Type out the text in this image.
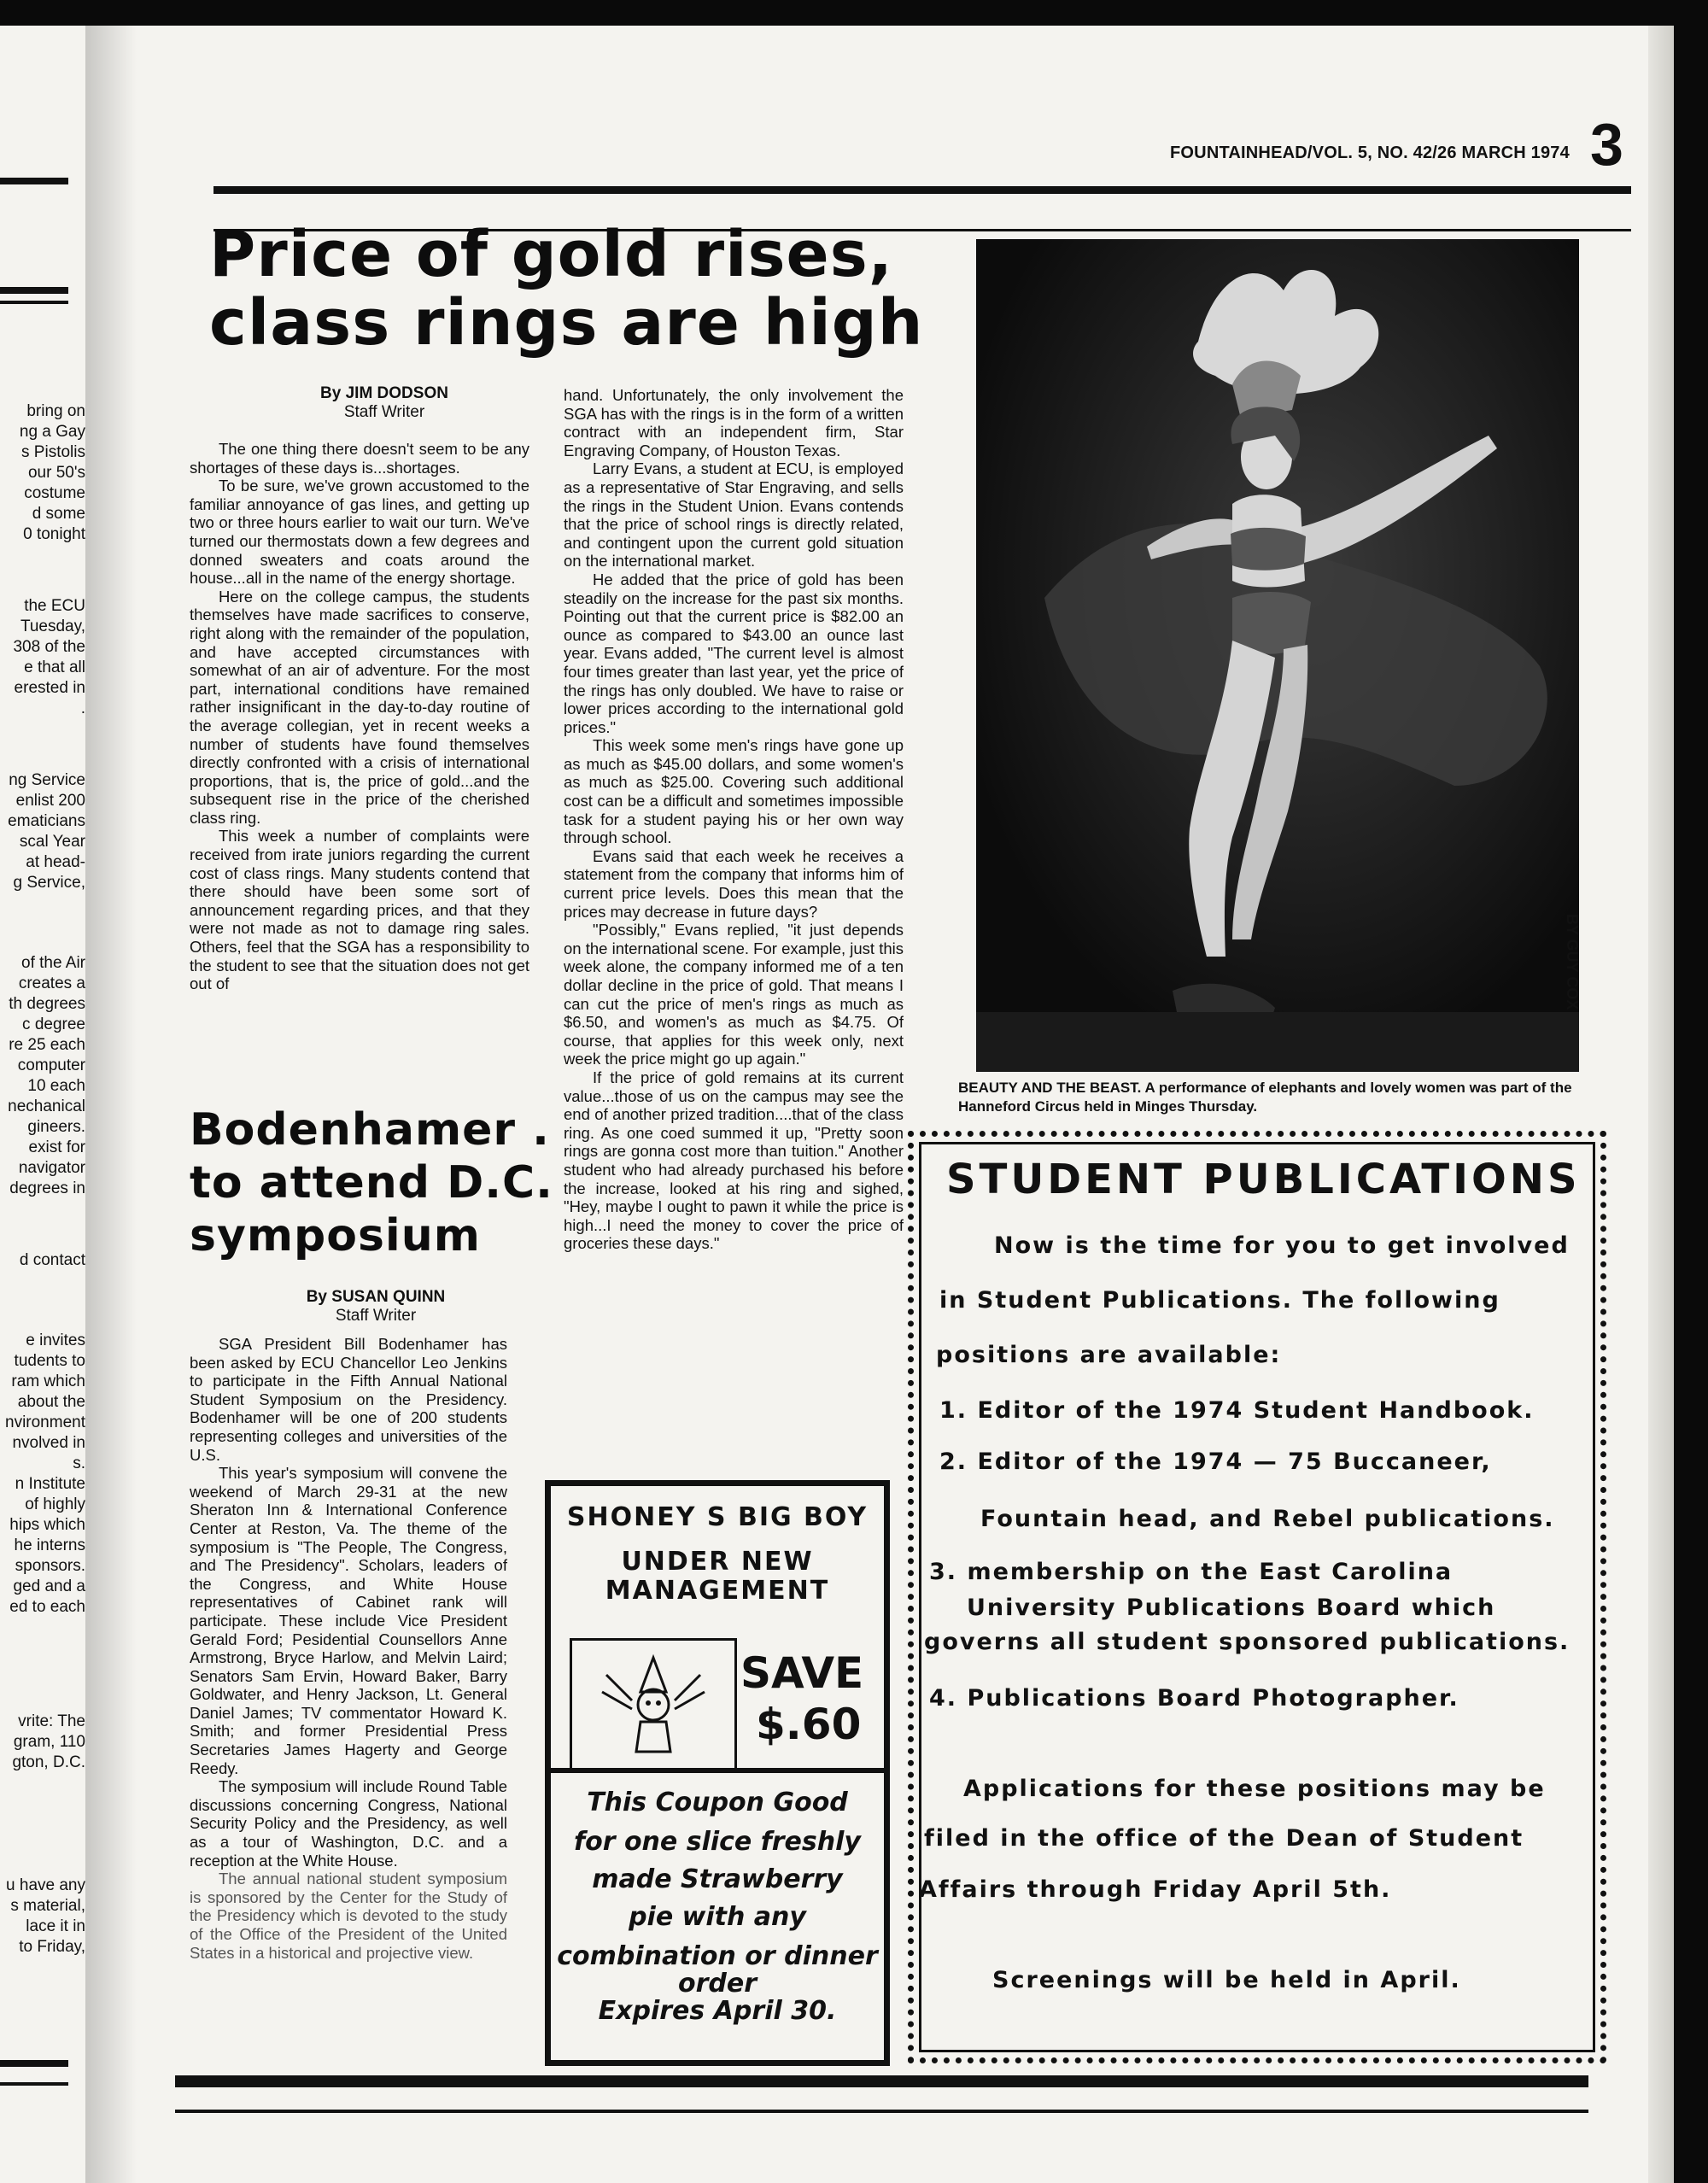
bring on
ng a Gay
s Pistolis
our 50's
costume
d some
0 tonight
the ECU
Tuesday,
308 of the
e that all
erested in
.
ng Service
enlist 200
ematicians
scal Year
at head-
g Service,
of the Air
creates a
th degrees
c degree
re 25 each
computer
10 each
nechanical
gineers.
exist for
navigator
degrees in
d contact
e invites
tudents to
ram which
about the
nvironment
nvolved in
s.
n Institute
of highly
hips which
he interns
sponsors.
ged and a
ed to each
vrite: The
gram, 110
gton, D.C.
u have any
s material,
lace it in
to Friday,
FOUNTAINHEAD/VOL. 5, NO. 42/26 MARCH 1974 3
Price of gold rises,
class rings are high
By JIM DODSON
Staff Writer

The one thing there doesn't seem to be any shortages of these days is...shortages.

To be sure, we've grown accustomed to the familiar annoyance of gas lines, and getting up two or three hours earlier to wait our turn. We've turned our thermostats down a few degrees and donned sweaters and coats around the house...all in the name of the energy shortage.

Here on the college campus, the students themselves have made sacrifices to conserve, right along with the remainder of the population, and have accepted circumstances with somewhat of an air of adventure. For the most part, international conditions have remained rather insignificant in the day-to-day routine of the average collegian, yet in recent weeks a number of students have found themselves directly confronted with a crisis of international proportions, that is, the price of gold...and the subsequent rise in the price of the cherished class ring.

This week a number of complaints were received from irate juniors regarding the current cost of class rings. Many students contend that there should have been some sort of announcement regarding prices, and that they were not made as not to damage ring sales. Others, feel that the SGA has a responsibility to the student to see that the situation does not get out of

hand. Unfortunately, the only involvement the SGA has with the rings is in the form of a written contract with an independent firm, Star Engraving Company, of Houston Texas.

Larry Evans, a student at ECU, is employed as a representative of Star Engraving, and sells the rings in the Student Union. Evans contends that the price of school rings is directly related, and contingent upon the current gold situation on the international market.

He added that the price of gold has been steadily on the increase for the past six months. Pointing out that the current price is $82.00 an ounce as compared to $43.00 an ounce last year. Evans added, "The current level is almost four times greater than last year, yet the price of the rings has only doubled. We have to raise or lower prices according to the international gold prices."

This week some men's rings have gone up as much as $45.00 dollars, and some women's as much as $25.00. Covering such additional cost can be a difficult and sometimes impossible task for a student paying his or her own way through school.

Evans said that each week he receives a statement from the company that informs him of current price levels. Does this mean that the prices may decrease in future days?

"Possibly," Evans replied, "it just depends on the international scene. For example, just this week alone, the company informed me of a ten dollar decline in the price of gold. That means I can cut the price of men's rings as much as $6.50, and women's as much as $4.75. Of course, that applies for this week only, next week the price might go up again."

If the price of gold remains at its current value...those of us on the campus may see the end of another prized tradition....that of the class ring. As one coed summed it up, "Pretty soon rings are gonna cost more than tuition." Another student who had already purchased his before the increase, looked at his ring and sighed, "Hey, maybe I ought to pawn it while the price is high...I need the money to cover the price of groceries these days."

Bodenhamer .
to attend D.C.
symposium
By SUSAN QUINN
Staff Writer

SGA President Bill Bodenhamer has been asked by ECU Chancellor Leo Jenkins to participate in the Fifth Annual National Student Symposium on the Presidency. Bodenhamer will be one of 200 students representing colleges and universities of the U.S.

This year's symposium will convene the weekend of March 29-31 at the new Sheraton Inn & International Conference Center at Reston, Va. The theme of the symposium is "The People, The Congress, and The Presidency". Scholars, leaders of the Congress, and White House representatives of Cabinet rank will participate. These include Vice President Gerald Ford; Pesidential Counsellors Anne Armstrong, Bryce Harlow, and Melvin Laird; Senators Sam Ervin, Howard Baker, Barry Goldwater, and Henry Jackson, Lt. General Daniel James; TV commentator Howard K. Smith; and former Presidential Press Secretaries James Hagerty and George Reedy.

The symposium will include Round Table discussions concerning Congress, National Security Policy and the Presidency, as well as a tour of Washington, D.C. and a reception at the White House.

The annual national student symposium is sponsored by the Center for the Study of the Presidency which is devoted to the study of the Office of the President of the United States in a historical and projective view.

BY GUY COX
BEAUTY AND THE BEAST. A performance of elephants and lovely women was part of the Hanneford Circus held in Minges Thursday.
STUDENT PUBLICATIONS
Now is the time for you to get involved
in Student Publications. The following
positions are available:
1. Editor of the 1974 Student Handbook.
2. Editor of the 1974 — 75 Buccaneer,
Fountain head, and Rebel publications.
3. membership on the East Carolina
University Publications Board which
governs all student sponsored publications.
4. Publications Board Photographer.
Applications for these positions may be
filed in the office of the Dean of Student
Affairs through Friday April 5th.
Screenings will be held in April.
SHONEY S BIG BOY
UNDER NEW
MANAGEMENT
SAVE
$.60
This Coupon Good
for one slice freshly
made Strawberry
pie with any
combination or dinner
order
Expires April 30.
